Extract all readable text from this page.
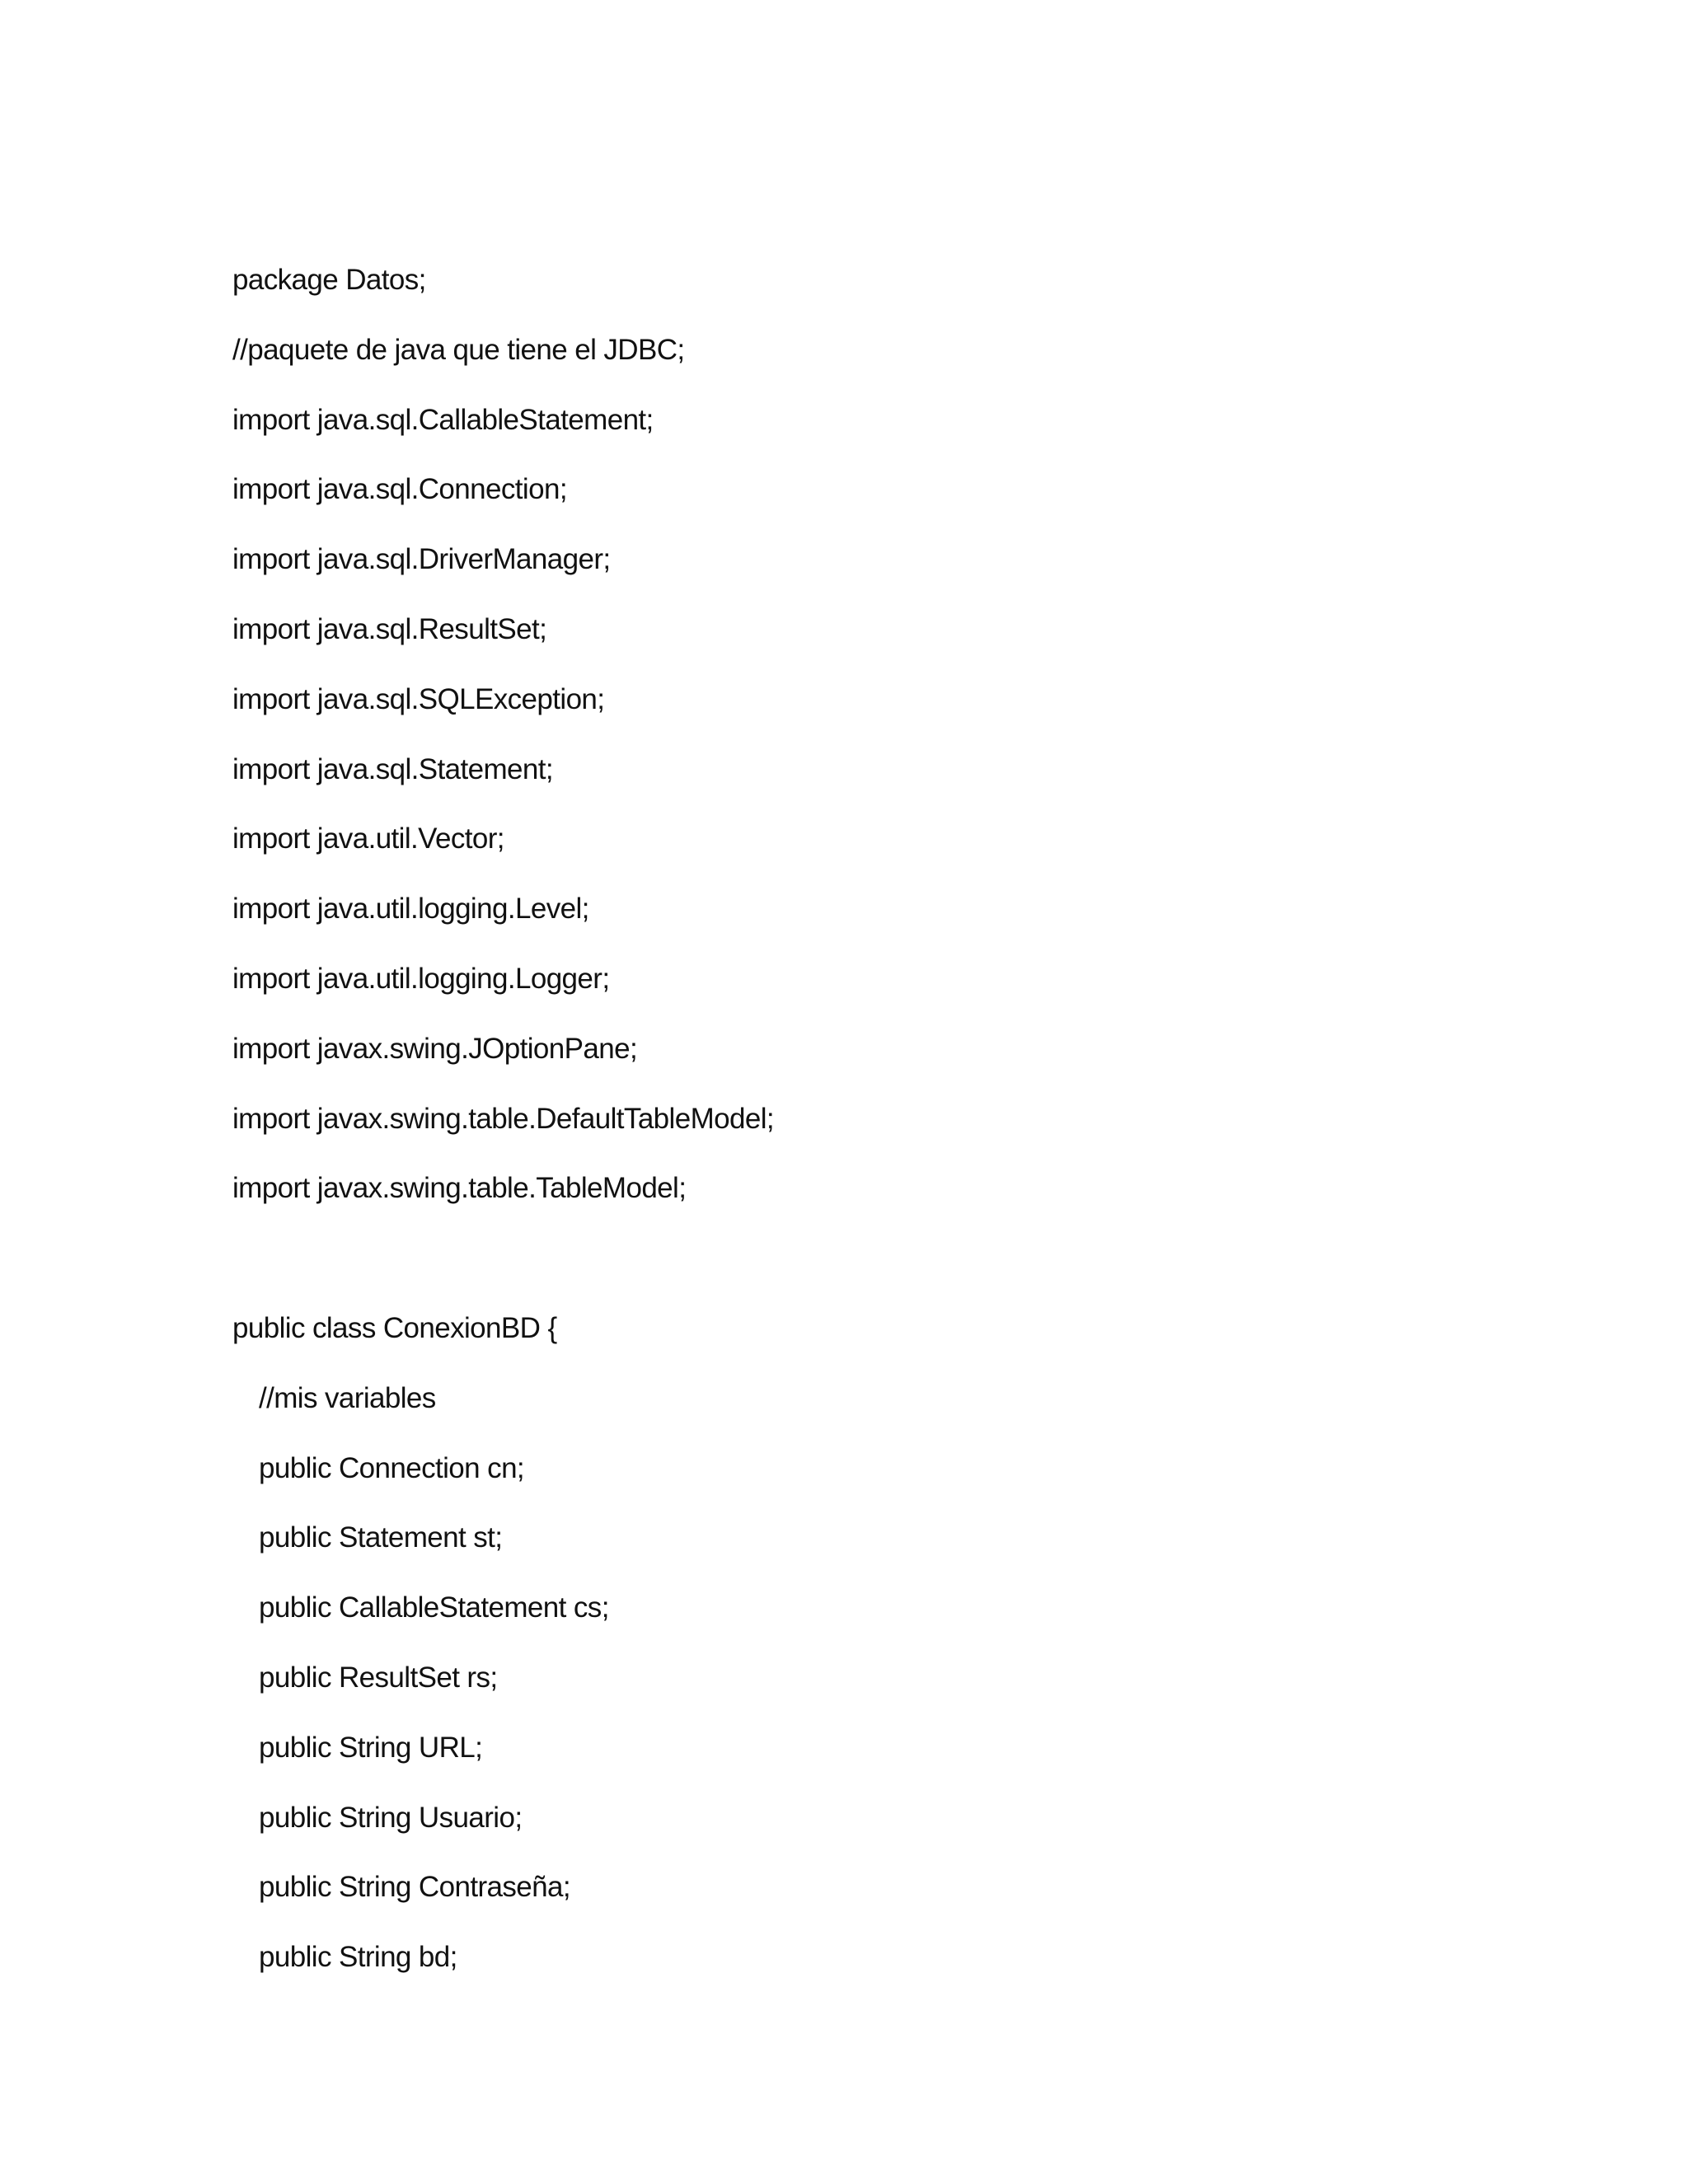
package Datos;
//paquete de java que tiene el JDBC;
import java.sql.CallableStatement;
import java.sql.Connection;
import java.sql.DriverManager;
import java.sql.ResultSet;
import java.sql.SQLException;
import java.sql.Statement;
import java.util.Vector;
import java.util.logging.Level;
import java.util.logging.Logger;
import javax.swing.JOptionPane;
import javax.swing.table.DefaultTableModel;
import javax.swing.table.TableModel;
public class ConexionBD {
//mis variables
public Connection cn;
public Statement st;
public CallableStatement cs;
public ResultSet rs;
public String URL;
public String Usuario;
public String Contraseña;
public String bd;
